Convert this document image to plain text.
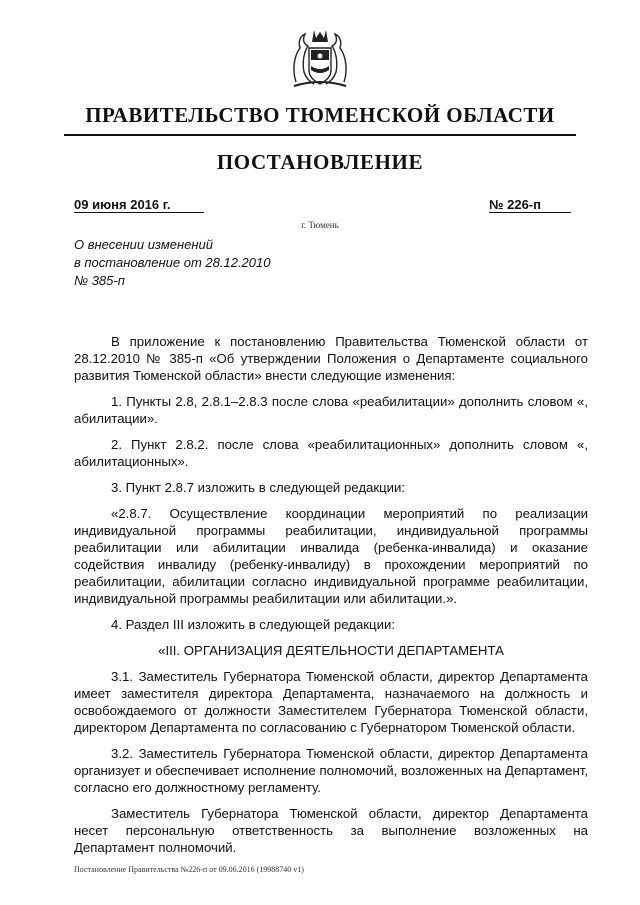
ПРАВИТЕЛЬСТВО ТЮМЕНСКОЙ ОБЛАСТИ
ПОСТАНОВЛЕНИЕ
09 июня 2016 г.	№ 226-п
г. Тюмень
О внесении изменений
в постановление от 28.12.2010
№ 385-п

В приложение к постановлению Правительства Тюменской области от 28.12.2010 № 385-п «Об утверждении Положения о Департаменте социального развития Тюменской области» внести следующие изменения:

1. Пункты 2.8, 2.8.1–2.8.3 после слова «реабилитации» дополнить словом «, абилитации».

2. Пункт 2.8.2. после слова «реабилитационных» дополнить словом «, абилитационных».

3. Пункт 2.8.7 изложить в следующей редакции:

«2.8.7. Осуществление координации мероприятий по реализации индивидуальной программы реабилитации, индивидуальной программы реабилитации или абилитации инвалида (ребенка-инвалида) и оказание содействия инвалиду (ребенку-инвалиду) в прохождении мероприятий по реабилитации, абилитации согласно индивидуальной программе реабилитации, индивидуальной программы реабилитации или абилитации.».

4. Раздел III изложить в следующей редакции:

«III. ОРГАНИЗАЦИЯ ДЕЯТЕЛЬНОСТИ ДЕПАРТАМЕНТА

3.1. Заместитель Губернатора Тюменской области, директор Департамента имеет заместителя директора Департамента, назначаемого на должность и освобождаемого от должности Заместителем Губернатора Тюменской области, директором Департамента по согласованию с Губернатором Тюменской области.

3.2. Заместитель Губернатора Тюменской области, директор Департамента организует и обеспечивает исполнение полномочий, возложенных на Департамент, согласно его должностному регламенту.

Заместитель Губернатора Тюменской области, директор Департамента несет персональную ответственность за выполнение возложенных на Департамент полномочий.

Постановление Правительства №226-п от 09.06.2016 (19988740 v1)
